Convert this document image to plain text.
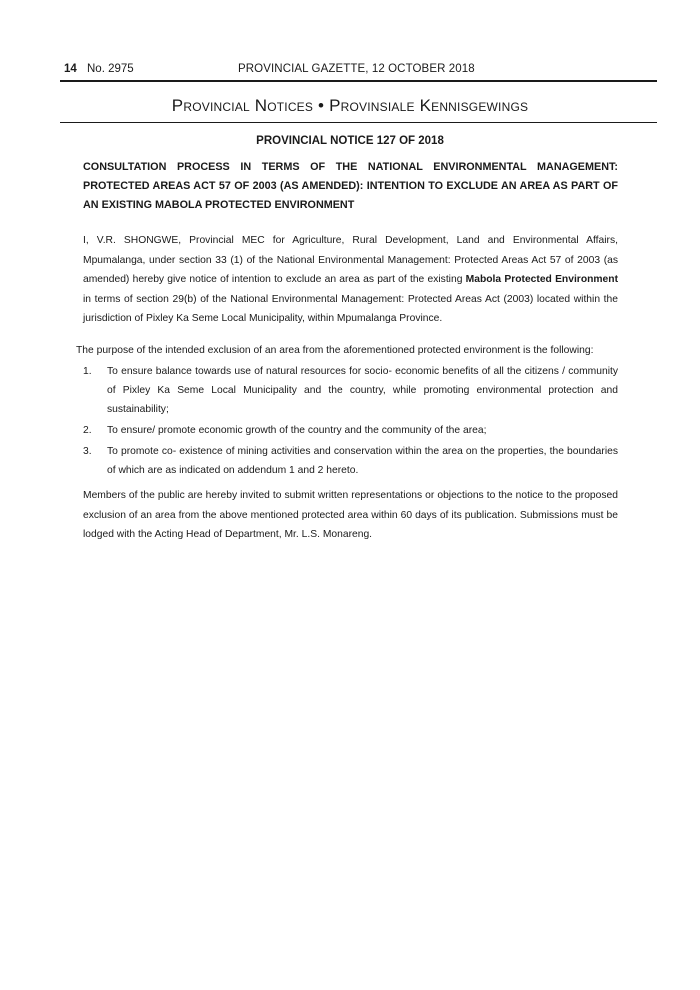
14 No. 2975	PROVINCIAL GAZETTE, 12 OCTOBER 2018
Provincial Notices • Provinsiale Kennisgewings
PROVINCIAL NOTICE 127 OF 2018
CONSULTATION PROCESS IN TERMS OF THE NATIONAL ENVIRONMENTAL MANAGEMENT: PROTECTED AREAS ACT 57 OF 2003 (AS AMENDED): INTENTION TO EXCLUDE AN AREA AS PART OF AN EXISTING MABOLA PROTECTED ENVIRONMENT
I, V.R. SHONGWE, Provincial MEC for Agriculture, Rural Development, Land and Environmental Affairs, Mpumalanga, under section 33 (1) of the National Environmental Management: Protected Areas Act 57 of 2003 (as amended) hereby give notice of intention to exclude an area as part of the existing Mabola Protected Environment in terms of section 29(b) of the National Environmental Management: Protected Areas Act (2003) located within the jurisdiction of Pixley Ka Seme Local Municipality, within Mpumalanga Province.
The purpose of the intended exclusion of an area from the aforementioned protected environment is the following:
1. To ensure balance towards use of natural resources for socio- economic benefits of all the citizens / community of Pixley Ka Seme Local Municipality and the country, while promoting environmental protection and sustainability;
2. To ensure/ promote economic growth of the country and the community of the area;
3. To promote co- existence of mining activities and conservation within the area on the properties, the boundaries of which are as indicated on addendum 1 and 2 hereto.
Members of the public are hereby invited to submit written representations or objections to the notice to the proposed exclusion of an area from the above mentioned protected area within 60 days of its publication. Submissions must be lodged with the Acting Head of Department, Mr. L.S. Monareng.
